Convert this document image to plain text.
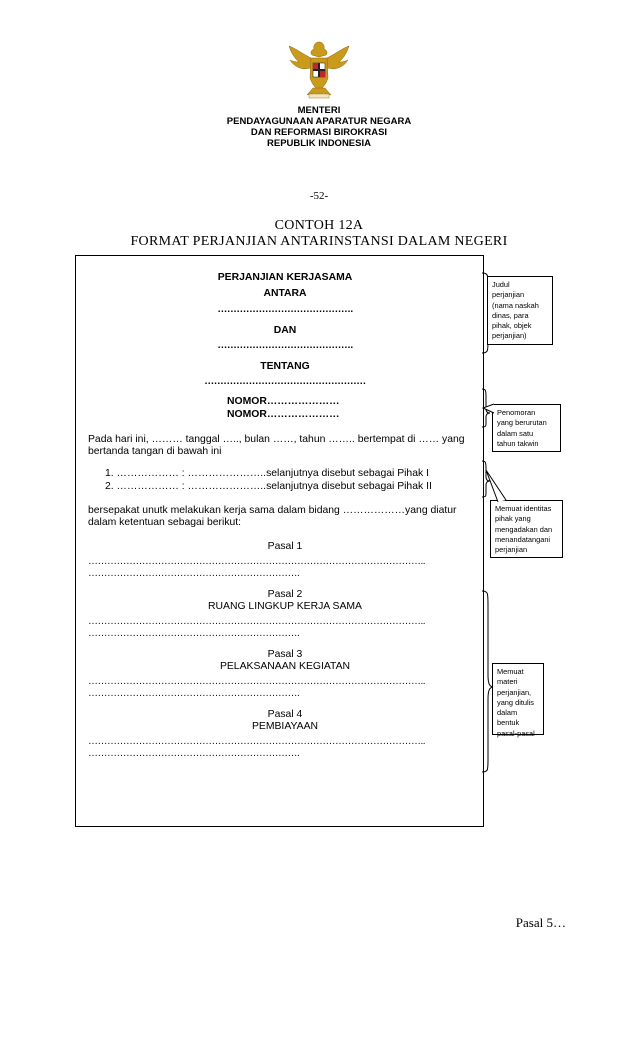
MENTERI
PENDAYAGUNAAN APARATUR NEGARA
DAN REFORMASI BIROKRASI
REPUBLIK INDONESIA
-52-
CONTOH 12A
FORMAT PERJANJIAN ANTARINSTANSI DALAM NEGERI
PERJANJIAN KERJASAMA
ANTARA
…………………………………….
DAN
…………………………………….
TENTANG
……………………………………………
NOMOR…………………
NOMOR…………………
Pada hari ini, ……… tanggal ….., bulan ……, tahun …….. bertempat di …… yang
bertanda tangan di bawah ini
1. ……………… : …………………..selanjutnya disebut sebagai Pihak I
2. ……………… : …………………..selanjutnya disebut sebagai Pihak II
bersepakat unutk melakukan kerja sama dalam bidang ………………yang diatur
dalam ketentuan sebagai berikut:
Pasal 1
……………………………………………………………………………………………..
………………………………………………………….
Pasal 2
RUANG LINGKUP KERJA SAMA
……………………………………………………………………………………………..
………………………………………………………….
Pasal 3
PELAKSANAAN KEGIATAN
……………………………………………………………………………………………..
………………………………………………………….
Pasal 4
PEMBIAYAAN
……………………………………………………………………………………………..
………………………………………………………….
Judul
perjanjian
(nama naskah
dinas, para
pihak, objek
perjanjian)
Penomoran
yang berurutan
dalam satu
tahun takwin
Memuat identitas
pihak yang
mengadakan dan
menandatangani
perjanjian
Memuat
materi
perjanjian,
yang ditulis
dalam bentuk
pasal-pasal
Pasal 5…
